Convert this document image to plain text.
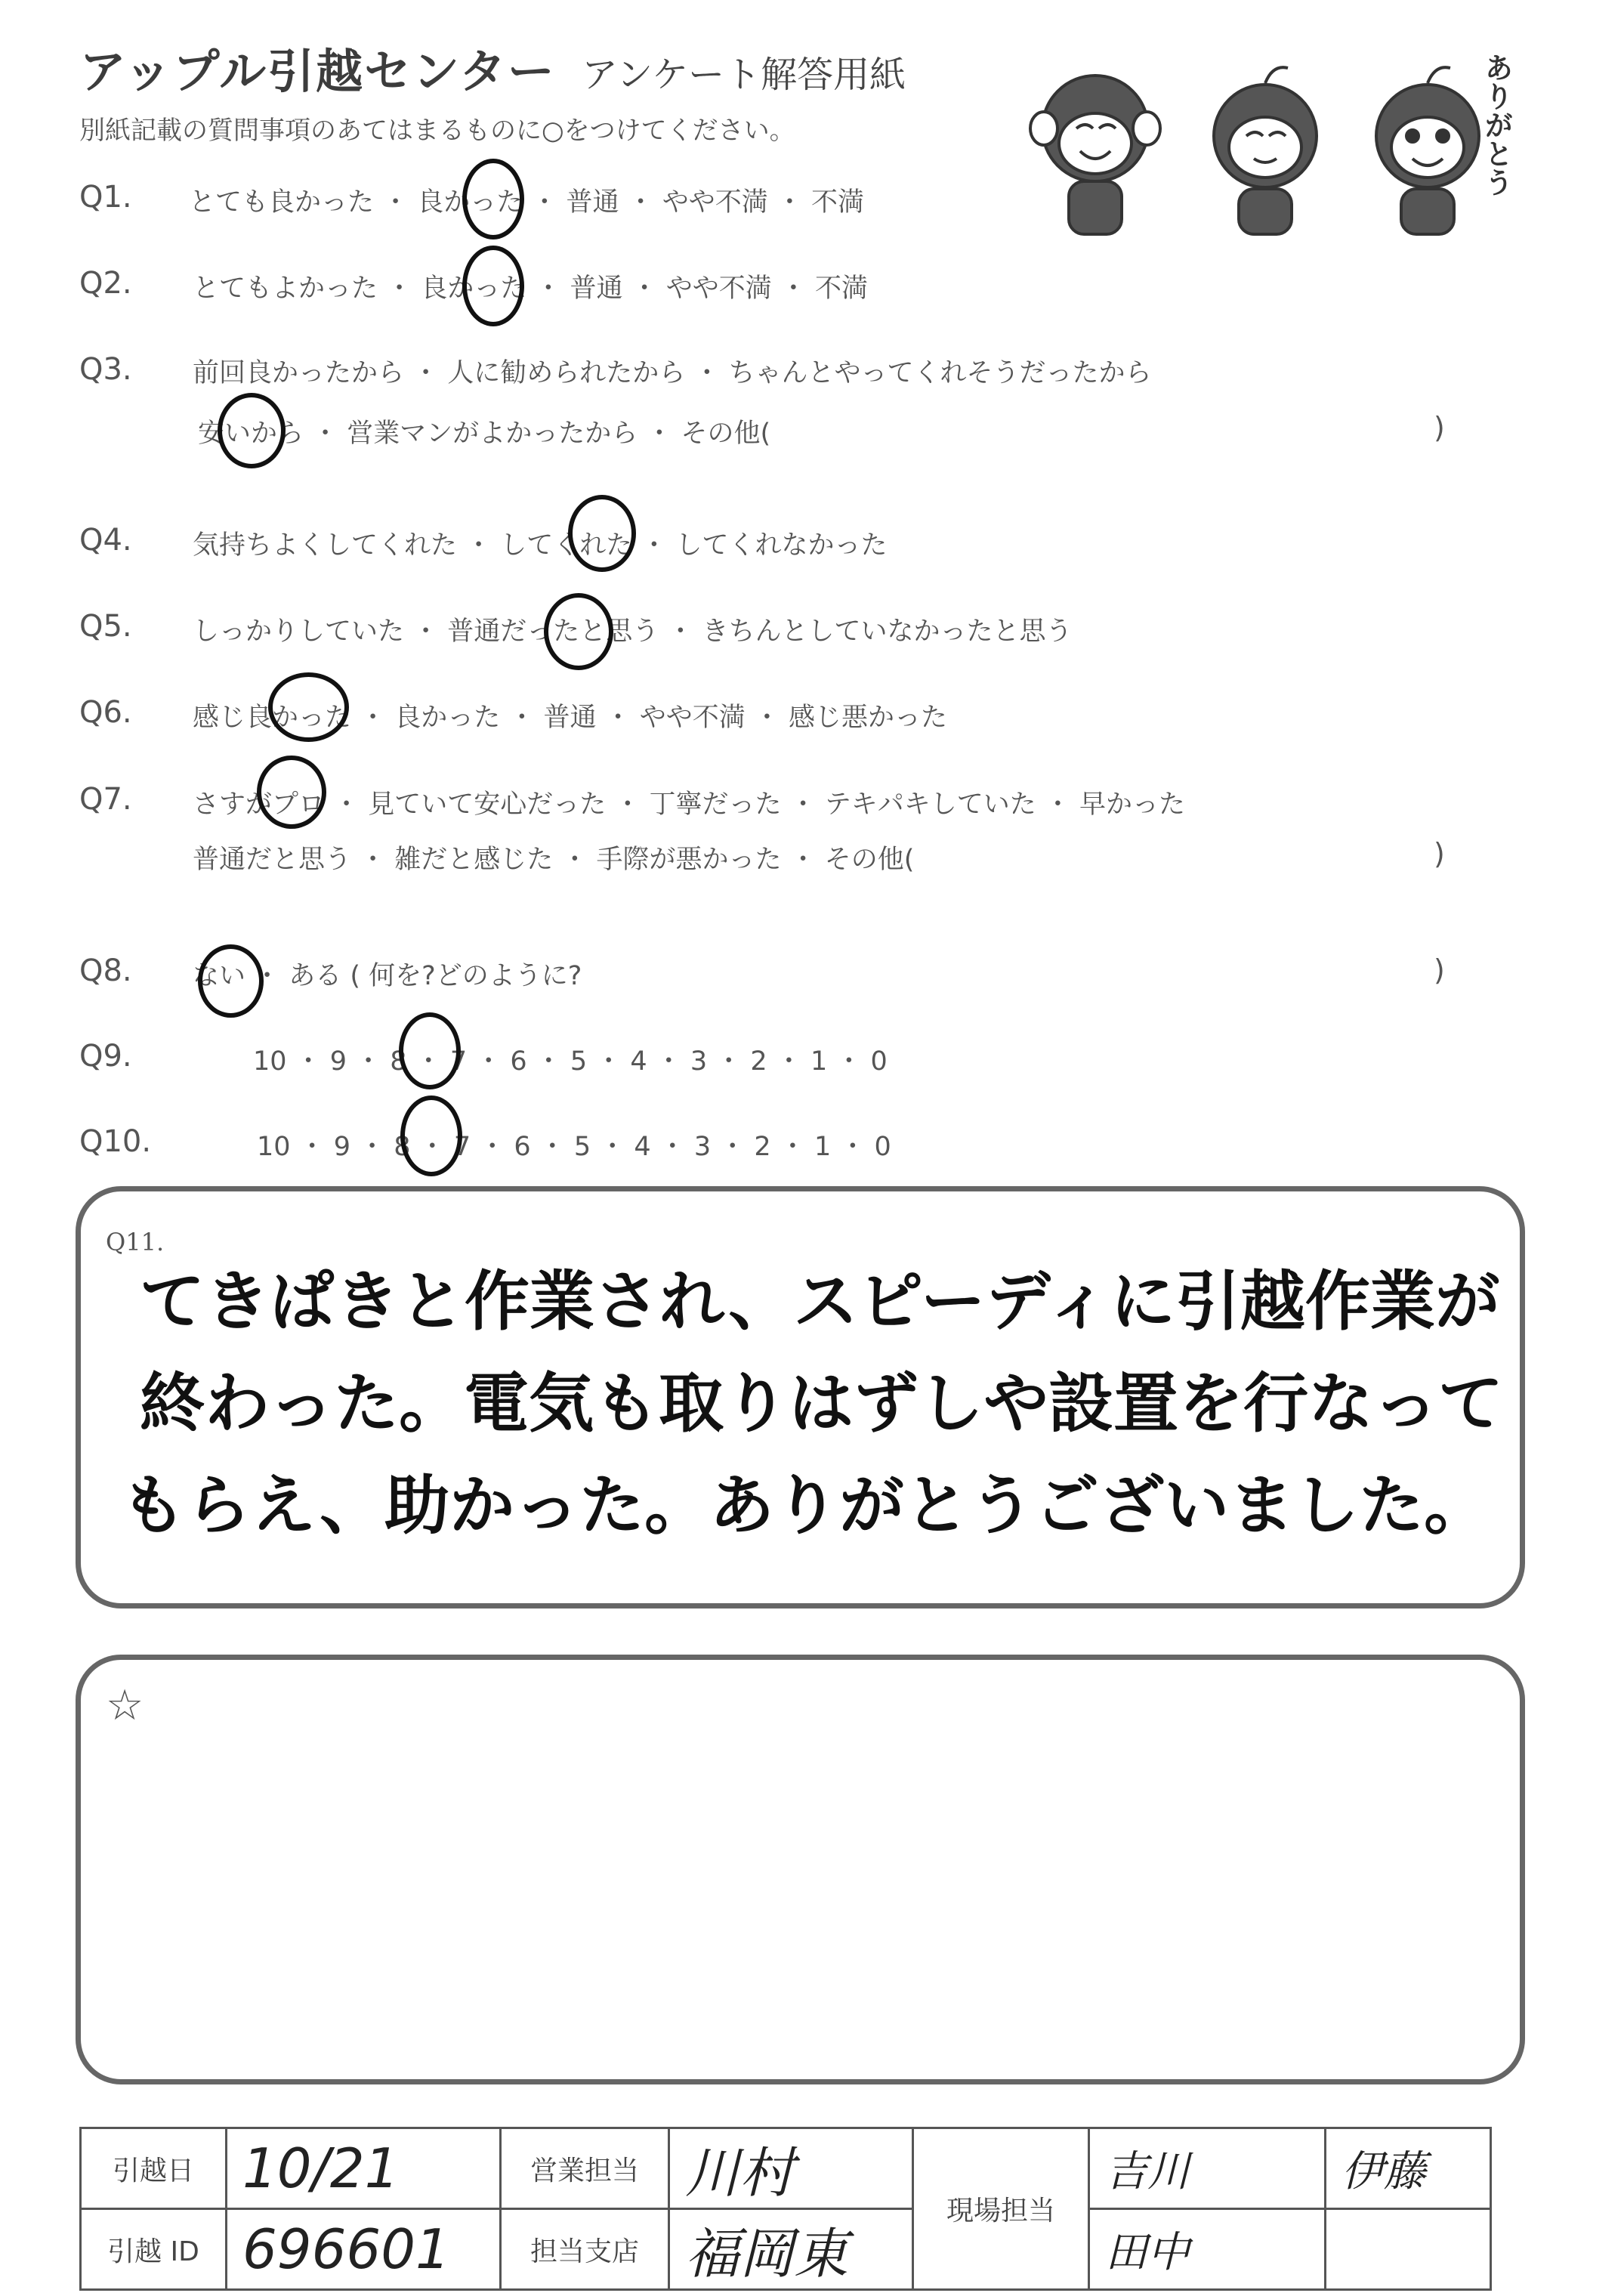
アップル引越センター アンケート解答用紙
別紙記載の質問事項のあてはまるものに○をつけてください。	ありがとう
Q1. とても良かった ・ 良かった ・ 普通 ・ やや不満 ・ 不満
Q2. とてもよかった ・ 良かった ・ 普通 ・ やや不満 ・ 不満
Q3. 前回良かったから ・ 人に勧められたから ・ ちゃんとやってくれそうだったから
安いから ・ 営業マンがよかったから ・ その他(	)
Q4. 気持ちよくしてくれた ・ してくれた ・ してくれなかった
Q5. しっかりしていた ・ 普通だったと思う ・ きちんとしていなかったと思う
Q6. 感じ良かった ・ 良かった ・ 普通 ・ やや不満 ・ 感じ悪かった
Q7. さすがプロ ・ 見ていて安心だった ・ 丁寧だった ・ テキパキしていた ・ 早かった
普通だと思う ・ 雑だと感じた ・ 手際が悪かった ・ その他(	)
Q8. ない ・ ある ( 何を?どのように?	)
Q9.	10 ・ 9 ・ 8 ・ 7 ・ 6 ・ 5 ・ 4 ・ 3 ・ 2 ・ 1 ・ 0
Q10.	10 ・ 9 ・ 8 ・ 7 ・ 6 ・ 5 ・ 4 ・ 3 ・ 2 ・ 1 ・ 0
Q11.
てきぱきと作業され、スピーディに引越作業が
終わった。電気も取りはずしや設置を行なって
もらえ、助かった。ありがとうございました。
☆
引越日	10/21	営業担当	川村	現場担当	吉川	伊藤
引越 ID	696601	担当支店	福岡東		田中	
